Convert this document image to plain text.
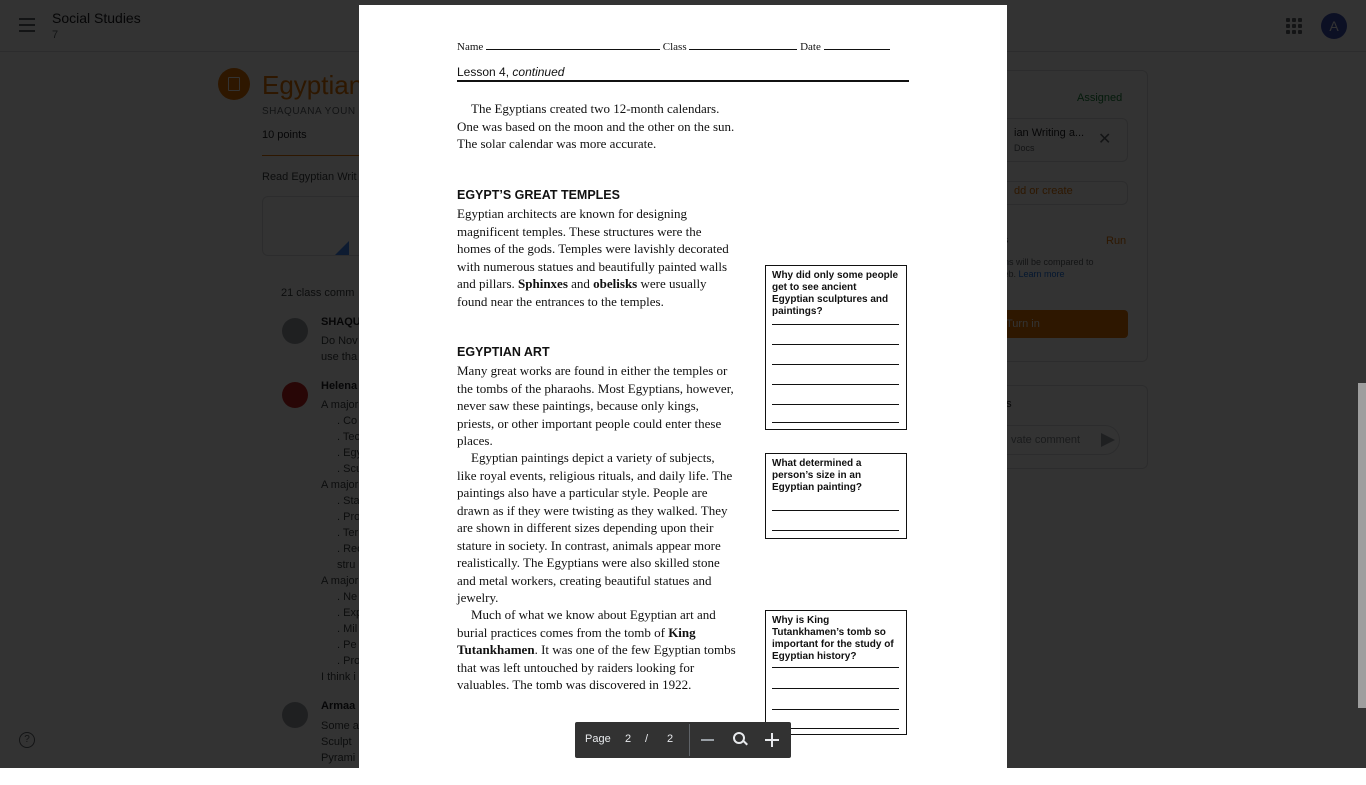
Name	Class	Date
Lesson 4, continued
The Egyptians created two 12-month calendars. One was based on the moon and the other on the sun. The solar calendar was more accurate.
EGYPT’S GREAT TEMPLES
Egyptian architects are known for designing magnificent temples. These structures were the homes of the gods. Temples were lavishly decorated with numerous statues and beautifully painted walls and pillars. Sphinxes and obelisks were usually found near the entrances to the temples.
EGYPTIAN ART
Many great works are found in either the temples or the tombs of the pharaohs. Most Egyptians, however, never saw these paintings, because only kings, priests, or other important people could enter these places.
Egyptian paintings depict a variety of subjects, like royal events, religious rituals, and daily life. The paintings also have a particular style. People are drawn as if they were twisting as they walked. They are shown in different sizes depending upon their stature in society. In contrast, animals appear more realistically. The Egyptians were also skilled stone and metal workers, creating beautiful statues and jewelry.
Much of what we know about Egyptian art and burial practices comes from the tomb of King Tutankhamen. It was one of the few Egyptian tombs that was left untouched by raiders looking for valuables. The tomb was discovered in 1922.
Why did only some people get to see ancient Egyptian sculptures and paintings?
What determined a person’s size in an Egyptian painting?
Why is King Tutankhamen’s tomb so important for the study of Egyptian history?
Page 2 / 2
